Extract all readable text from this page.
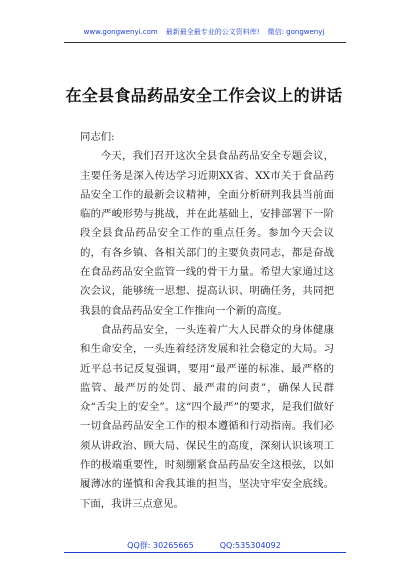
www.gongwenyi.com 最新最全最专业的公文资料库! 微信: gongwenyj
在全县食品药品安全工作会议上的讲话

同志们:

今天，我们召开这次全县食品药品安全专题会议，主要任务是深入传达学习近期XX省、XX市关于食品药品安全工作的最新会议精神，全面分析研判我县当前面临的严峻形势与挑战，并在此基础上，安排部署下一阶段全县食品药品安全工作的重点任务。参加今天会议的，有各乡镇、各相关部门的主要负责同志，都是奋战在食品药品安全监管一线的骨干力量。希望大家通过这次会议，能够统一思想、提高认识、明确任务，共同把我县的食品药品安全工作推向一个新的高度。

食品药品安全，一头连着广大人民群众的身体健康和生命安全，一头连着经济发展和社会稳定的大局。习近平总书记反复强调，要用“最严谨的标准、最严格的监管、最严厉的处罚、最严肃的问责”，确保人民群众“舌尖上的安全”。这“四个最严”的要求，是我们做好一切食品药品安全工作的根本遵循和行动指南。我们必须从讲政治、顾大局、保民生的高度，深刻认识该项工作的极端重要性，时刻绷紧食品药品安全这根弦，以如履薄冰的谨慎和舍我其谁的担当，坚决守牢安全底线。下面，我讲三点意见。

QQ群: 30265665	QQ:535304092
